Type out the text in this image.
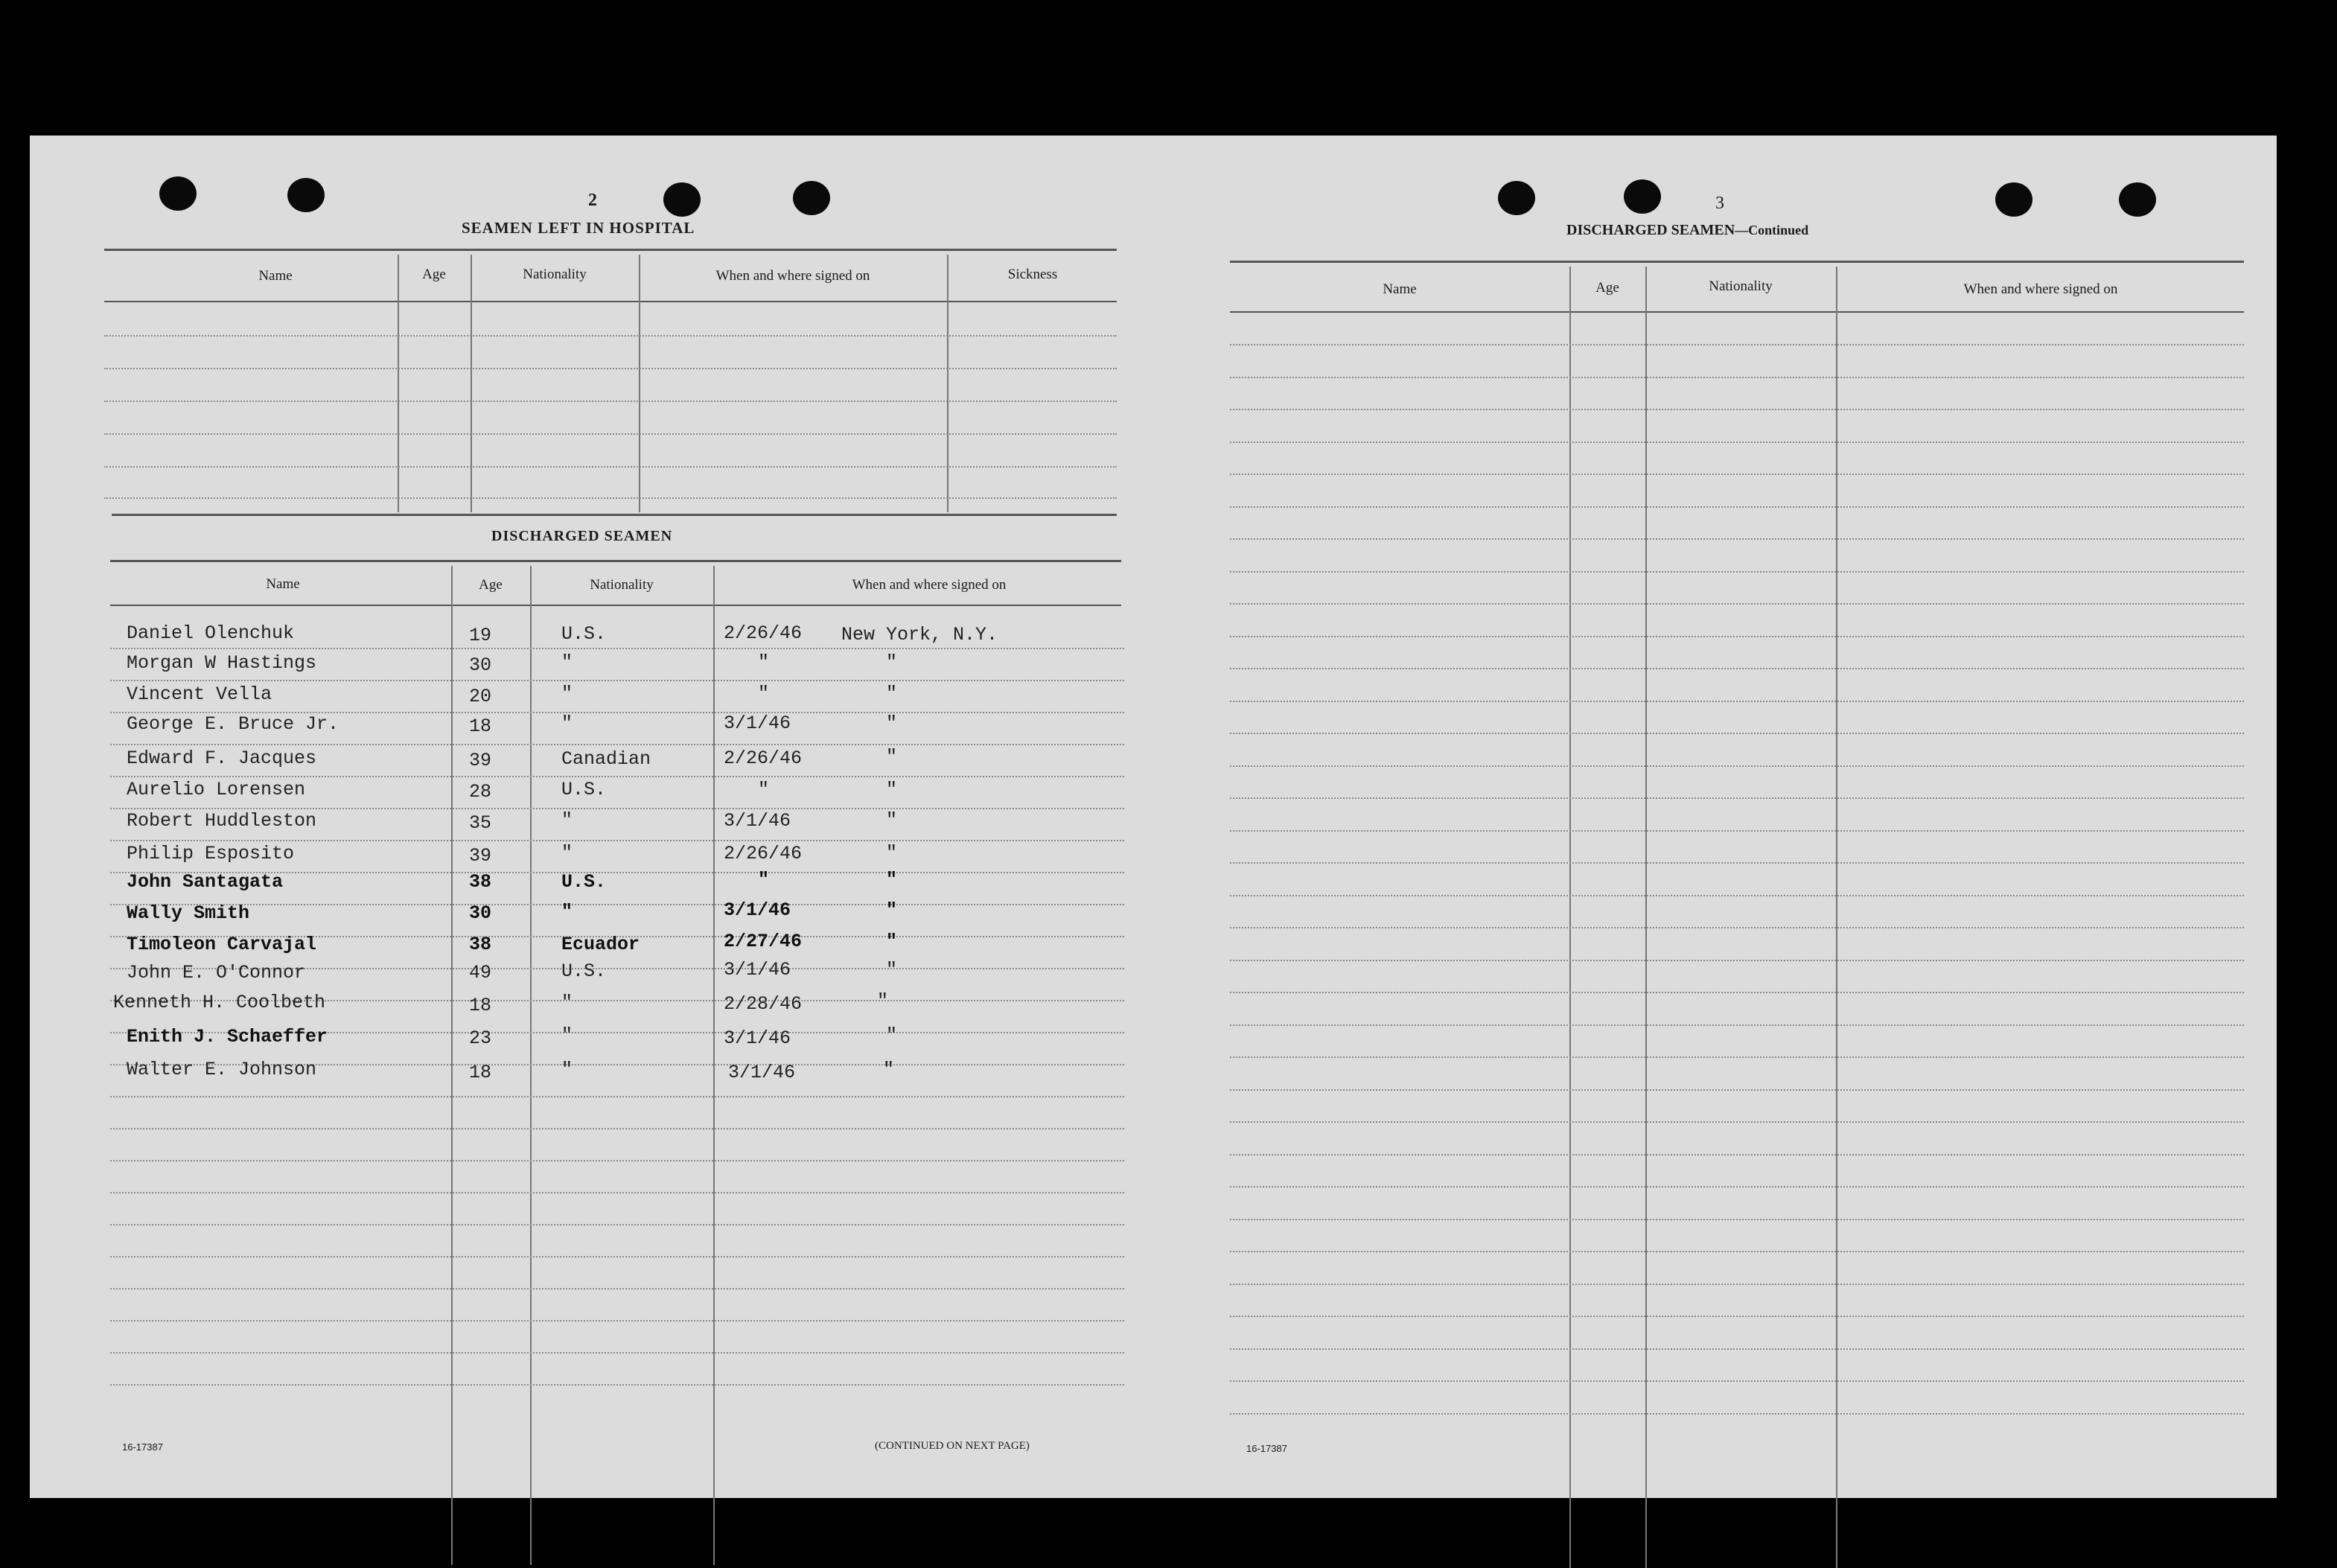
2
SEAMEN LEFT IN HOSPITAL
Name	Age	Nationality	When and where signed on	Sickness
DISCHARGED SEAMEN
Name	Age	Nationality	When and where signed on
Daniel Olenchuk	19	U.S.	2/26/46 New York, N.Y.
Morgan W Hastings	30	"	"	"
Vincent Vella	20	"	"	"
George E. Bruce Jr.	18	"	3/1/46	"
Edward F. Jacques	39	Canadian	2/26/46	"
Aurelio Lorensen	28	U.S.	"	"
Robert Huddleston	35	"	3/1/46	"
Philip Esposito	39	"	2/26/46	"
John Santagata	38	U.S.	"	"
Wally Smith	30	"	3/1/46	"
Timoleon Carvajal	38	Ecuador	2/27/46	"
John E. O'Connor	49	U.S.	3/1/46	"
Kenneth H. Coolbeth	18	"	2/28/46	"
Enith J. Schaeffer	23	"	3/1/46	"
Walter E. Johnson	18	"	3/1/46	"
16-17387	(CONTINUED ON NEXT PAGE)
3
DISCHARGED SEAMEN—Continued
Name	Age	Nationality	When and where signed on
16-17387
